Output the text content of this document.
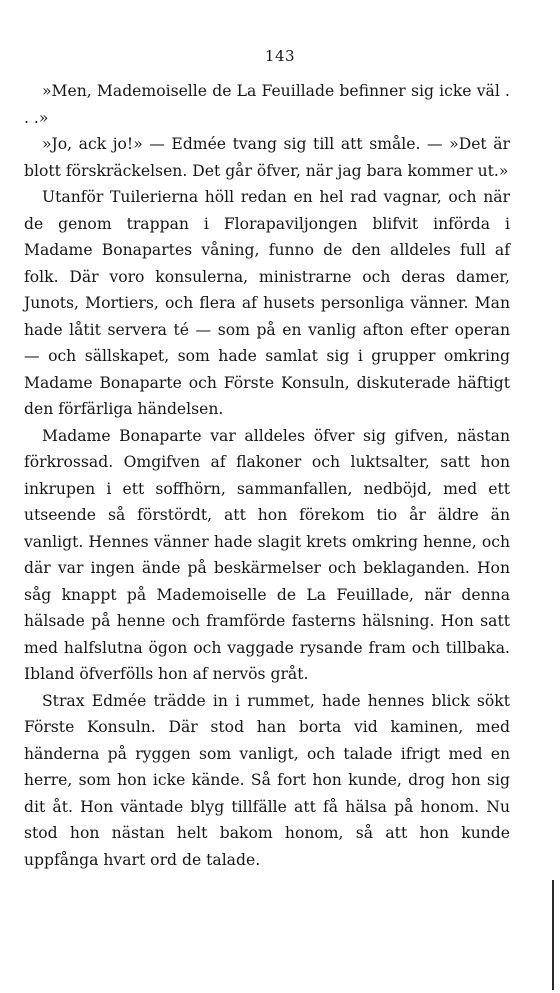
143

»Men, Mademoiselle de La Feuillade befinner sig icke väl . . .»

»Jo, ack jo!» — Edmée tvang sig till att småle. — »Det är blott förskräckelsen. Det går öfver, när jag bara kommer ut.»

Utanför Tuilerierna höll redan en hel rad vagnar, och när de genom trappan i Florapaviljongen blifvit införda i Madame Bonapartes våning, funno de den alldeles full af folk. Där voro konsulerna, ministrarne och deras damer, Junots, Mortiers, och flera af husets personliga vänner. Man hade låtit servera té — som på en vanlig afton efter operan — och sällskapet, som hade samlat sig i grupper omkring Madame Bonaparte och Förste Konsuln, diskuterade häftigt den förfärliga händelsen.

Madame Bonaparte var alldeles öfver sig gifven, nästan förkrossad. Omgifven af flakoner och luktsalter, satt hon inkrupen i ett soffhörn, sammanfallen, nedböjd, med ett utseende så förstördt, att hon förekom tio år äldre än vanligt. Hennes vänner hade slagit krets omkring henne, och där var ingen ände på beskärmelser och beklaganden. Hon såg knappt på Mademoiselle de La Feuillade, när denna hälsade på henne och framförde fasterns hälsning. Hon satt med halfslutna ögon och vaggade rysande fram och tillbaka. Ibland öfverfölls hon af nervös gråt.

Strax Edmée trädde in i rummet, hade hennes blick sökt Förste Konsuln. Där stod han borta vid kaminen, med händerna på ryggen som vanligt, och talade ifrigt med en herre, som hon icke kände. Så fort hon kunde, drog hon sig dit åt. Hon väntade blyg tillfälle att få hälsa på honom. Nu stod hon nästan helt bakom honom, så att hon kunde uppfånga hvart ord de talade.
